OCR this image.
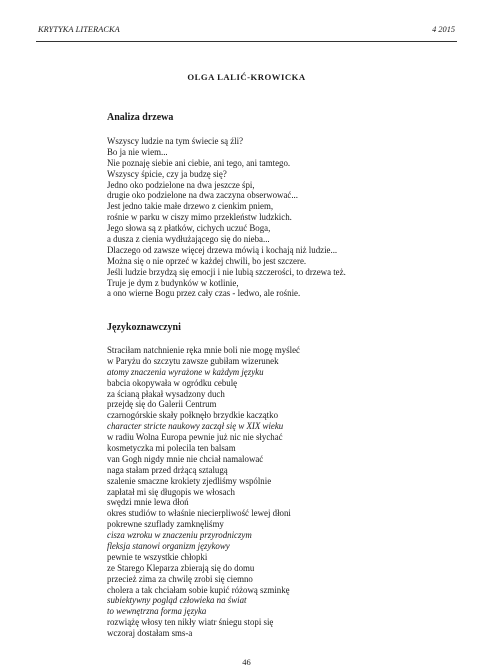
KRYTYKA LITERACKA	4 2015
OLGA LALIĆ-KROWICKA
Analiza drzewa
Wszyscy ludzie na tym świecie są źli?
Bo ja nie wiem...
Nie poznaję siebie ani ciebie, ani tego, ani tamtego.
Wszyscy śpicie, czy ja budzę się?
Jedno oko podzielone na dwa jeszcze śpi,
drugie oko podzielone na dwa zaczyna obserwować...
Jest jedno takie małe drzewo z cienkim pniem,
rośnie w parku w ciszy mimo przekleństw ludzkich.
Jego słowa są z płatków, cichych uczuć Boga,
a dusza z cienia wydłużającego się do nieba...
Dlaczego od zawsze więcej drzewa mówią i kochają niż ludzie...
Można się o nie oprzeć w każdej chwili, bo jest szczere.
Jeśli ludzie brzydzą się emocji i nie lubią szczerości, to drzewa też.
Truje je dym z budynków w kotlinie,
a ono wierne Bogu przez cały czas - ledwo, ale rośnie.
Językoznawczyni
Straciłam natchnienie ręka mnie boli nie mogę myśleć
w Paryżu do szczytu zawsze gubiłam wizerunek
atomy znaczenia wyrażone w każdym języku
babcia okopywała w ogródku cebulę
za ścianą płakał wysadzony duch
przejdę się do Galerii Centrum
czarnogórskie skały połknęło brzydkie kaczątko
character stricte naukowy zaczął się w XIX wieku
w radiu Wolna Europa pewnie już nic nie słychać
kosmetyczka mi polecila ten balsam
van Gogh nigdy mnie nie chciał namalować
naga stałam przed drżącą sztalugą
szalenie smaczne krokiety zjedliśmy wspólnie
zapłatał mi się długopis we włosach
swędzi mnie lewa dłoń
okres studiów to właśnie niecierpliwość lewej dłoni
pokrewne szuflady zamknęliśmy
cisza wzroku w znaczeniu przyrodniczym
fleksja stanowi organizm językowy
pewnie te wszystkie chłopki
ze Starego Kleparza zbierają się do domu
przecież zima za chwilę zrobi się ciemno
cholera a tak chciałam sobie kupić różową szminkę
subiektywny pogląd człowieka na świat
to wewnętrzna forma języka
rozwiążę włosy ten nikły wiatr śniegu stopi się
wczoraj dostałam sms-a
46
